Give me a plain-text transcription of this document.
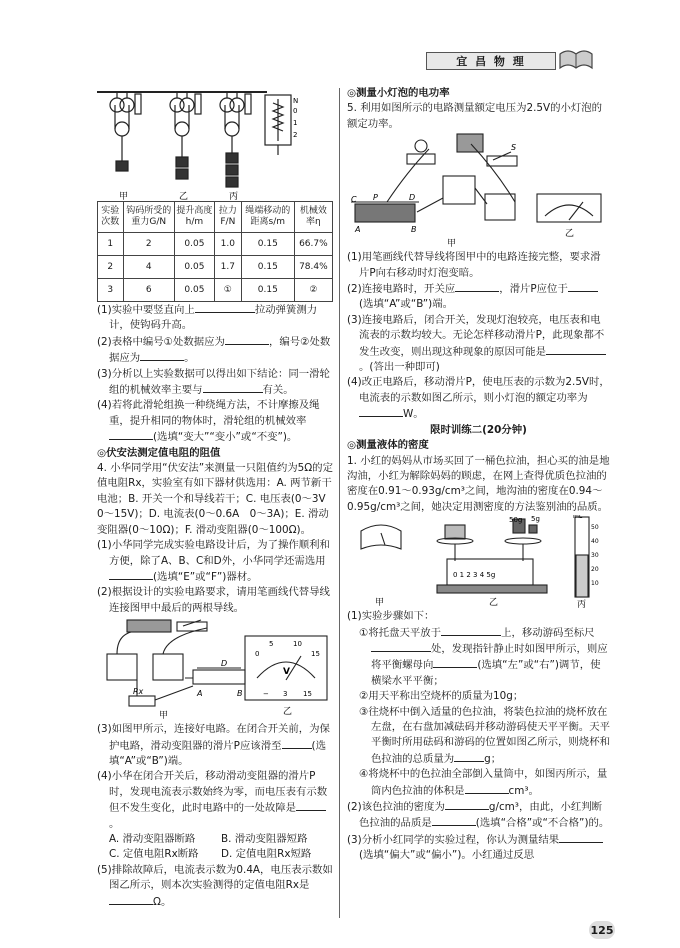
宜 昌 物 理
N
0
1
2
甲	乙	丙
实验次数	钩码所受的重力G/N	提升高度h/m	拉力F/N	绳端移动的距离s/m	机械效率η
1	2	0.05	1.0	0.15	66.7%
2	4	0.05	1.7	0.15	78.4%
3	6	0.05	①	0.15	②

(1)实验中要竖直向上	拉动弹簧测力计，使钩码升高。

(2)表格中编号①处数据应为	，编号②处数据应为	。

(3)分析以上实验数据可以得出如下结论：同一滑轮组的机械效率主要与	有关。

(4)若将此滑轮组换一种绕绳方法，不计摩擦及绳重，提升相同的物体时，滑轮组的机械效率(选填“变大”“变小”或“不变”)。

◎伏安法测定值电阻的阻值

4. 小华同学用“伏安法”来测量一只阻值约为5Ω的定值电阻Rx，实验室有如下器材供选用：A. 两节新干电池；B. 开关一个和导线若干；C. 电压表(0～3V　0～15V)；D. 电流表(0～0.6A　0～3A)；E. 滑动变阻器(0～10Ω)；F. 滑动变阻器(0～100Ω)。

(1)小华同学完成实验电路设计后，为了操作顺利和方便，除了A、B、C和D外，小华同学还需选用(选填“E”或“F”)器材。

(2)根据设计的实验电路要求，请用笔画线代替导线连接图甲中最后的两根导线。

A	B
D
Rx
0
5	10
15
V
− 3 15
甲	乙

(3)如图甲所示，连接好电路。在闭合开关前，为保护电路，滑动变阻器的滑片P应该滑至	(选填“A”或“B”)端。

(4)小华在闭合开关后，移动滑动变阻器的滑片P时，发现电流表示数始终为零，而电压表有示数但不发生变化，此时电路中的一处故障是。

A. 滑动变阻器断路	B. 滑动变阻器短路
C. 定值电阻Rx断路	D. 定值电阻Rx短路

(5)排除故障后，电流表示数为0.4A，电压表示数如图乙所示，则本次实验测得的定值电阻Rx是Ω。

◎测量小灯泡的电功率

5. 利用如图所示的电路测量额定电压为2.5V的小灯泡的额定功率。

C P	D
A	B
S
甲
乙

(1)用笔画线代替导线将图甲中的电路连接完整，要求滑片P向右移动时灯泡变暗。

(2)连接电路时，开关应	，滑片P应位于(选填“A”或“B”)端。

(3)连接电路后，闭合开关，发现灯泡较亮，电压表和电流表的示数均较大。无论怎样移动滑片P，此现象都不发生改变，则出现这种现象的原因可能是。(答出一种即可)

(4)改正电路后，移动滑片P，使电压表的示数为2.5V时，电流表的示数如图乙所示，则小灯泡的额定功率为W。

限时训练二(20分钟)

◎测量液体的密度

1. 小红的妈妈从市场买回了一桶色拉油，担心买的油是地沟油，小红为解除妈妈的顾虑，在网上查得优质色拉油的密度在0.91～0.93g/cm³之间，地沟油的密度在0.94～0.95g/cm³之间，她决定用测密度的方法鉴别油的品质。

50g 5g
0 1 2 3 4 5g
mL
50
40
30
20
10
甲	乙	丙

(1)实验步骤如下：

①将托盘天平放于	上，移动游码至标尺处，发现指针静止时如图甲所示，则应将平衡螺母向	(选填“左”或“右”)调节，使横梁水平平衡；

②用天平称出空烧杯的质量为10g；

③往烧杯中倒入适量的色拉油，将装色拉油的烧杯放在左盘，在右盘加减砝码并移动游码使天平平衡。天平平衡时所用砝码和游码的位置如图乙所示，则烧杯和色拉油的总质量为	g；

④将烧杯中的色拉油全部倒入量筒中，如图丙所示，量筒内色拉油的体积是	cm³。

(2)该色拉油的密度为	g/cm³，由此，小红判断色拉油的品质是	(选填“合格”或“不合格”)的。

(3)分析小红同学的实验过程，你认为测量结果(选填“偏大”或“偏小”)。小红通过反思

125
